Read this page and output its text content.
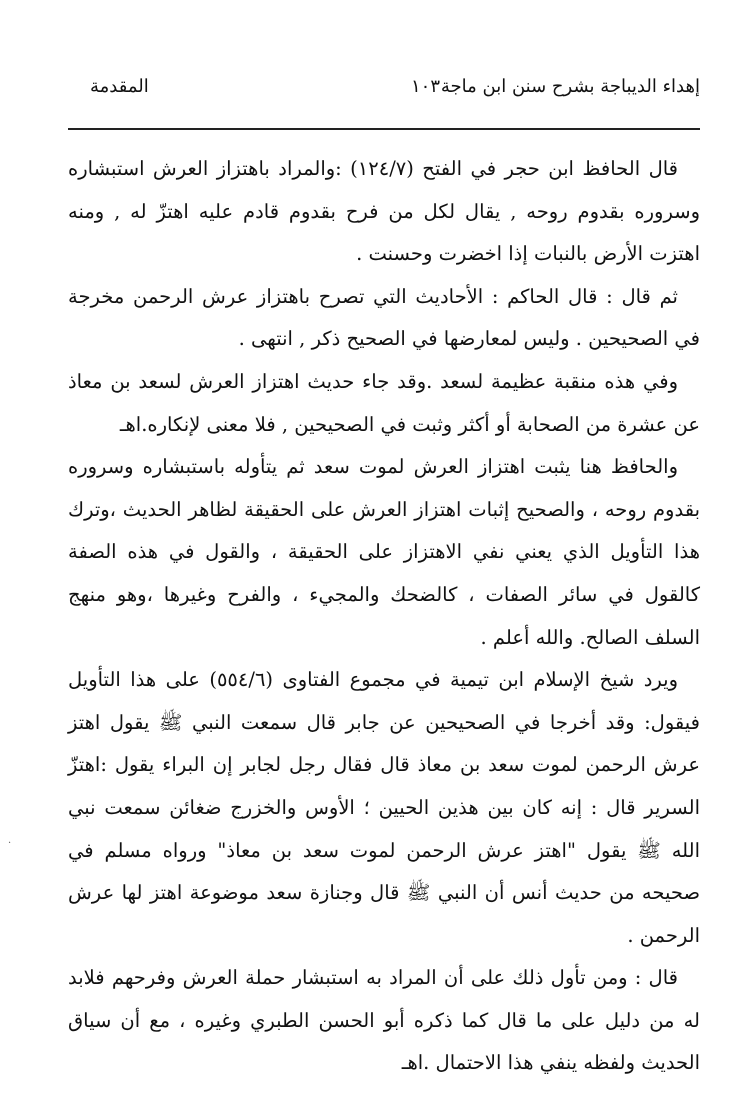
إهداء الديباجة بشرح سنن ابن ماجة
١٠٣
المقدمة

قال الحافظ ابن حجر في الفتح (١٢٤/٧) :والمراد باهتزاز العرش استبشاره وسروره بقدوم روحه , يقال لكل من فرح بقدوم قادم عليه اهتزّ له , ومنه اهتزت الأرض بالنبات إذا اخضرت وحسنت .

ثم قال : قال الحاكم : الأحاديث التي تصرح باهتزاز عرش الرحمن مخرجة في الصحيحين . وليس لمعارضها في الصحيح ذكر , انتهى .

وفي هذه منقبة عظيمة لسعد .وقد جاء حديث اهتزاز العرش لسعد بن معاذ عن عشرة من الصحابة أو أكثر وثبت في الصحيحين , فلا معنى لإنكاره.اهـ

والحافظ هنا يثبت اهتزاز العرش لموت سعد ثم يتأوله باستبشاره وسروره بقدوم روحه ، والصحيح إثبات اهتزاز العرش على الحقيقة لظاهر الحديث ،وترك هذا التأويل الذي يعني نفي الاهتزاز على الحقيقة ، والقول في هذه الصفة كالقول في سائر الصفات ، كالضحك والمجيء ، والفرح وغيرها ،وهو منهج السلف الصالح. والله أعلم .

ويرد شيخ الإسلام ابن تيمية في مجموع الفتاوى (٥٥٤/٦) على هذا التأويل فيقول: وقد أخرجا في الصحيحين عن جابر قال سمعت النبي ﷺ يقول اهتز عرش الرحمن لموت سعد بن معاذ قال فقال رجل لجابر إن البراء يقول :اهتزّ السرير قال : إنه كان بين هذين الحيين ؛ الأوس والخزرج ضغائن سمعت نبي الله ﷺ يقول "اهتز عرش الرحمن لموت سعد بن معاذ" ورواه مسلم في صحيحه من حديث أنس أن النبي ﷺ قال وجنازة سعد موضوعة اهتز لها عرش الرحمن .

قال : ومن تأول ذلك على أن المراد به استبشار حملة العرش وفرحهم فلابد له من دليل على ما قال كما ذكره أبو الحسن الطبري وغيره ، مع أن سياق الحديث ولفظه ينفي هذا الاحتمال .اهـ

·
